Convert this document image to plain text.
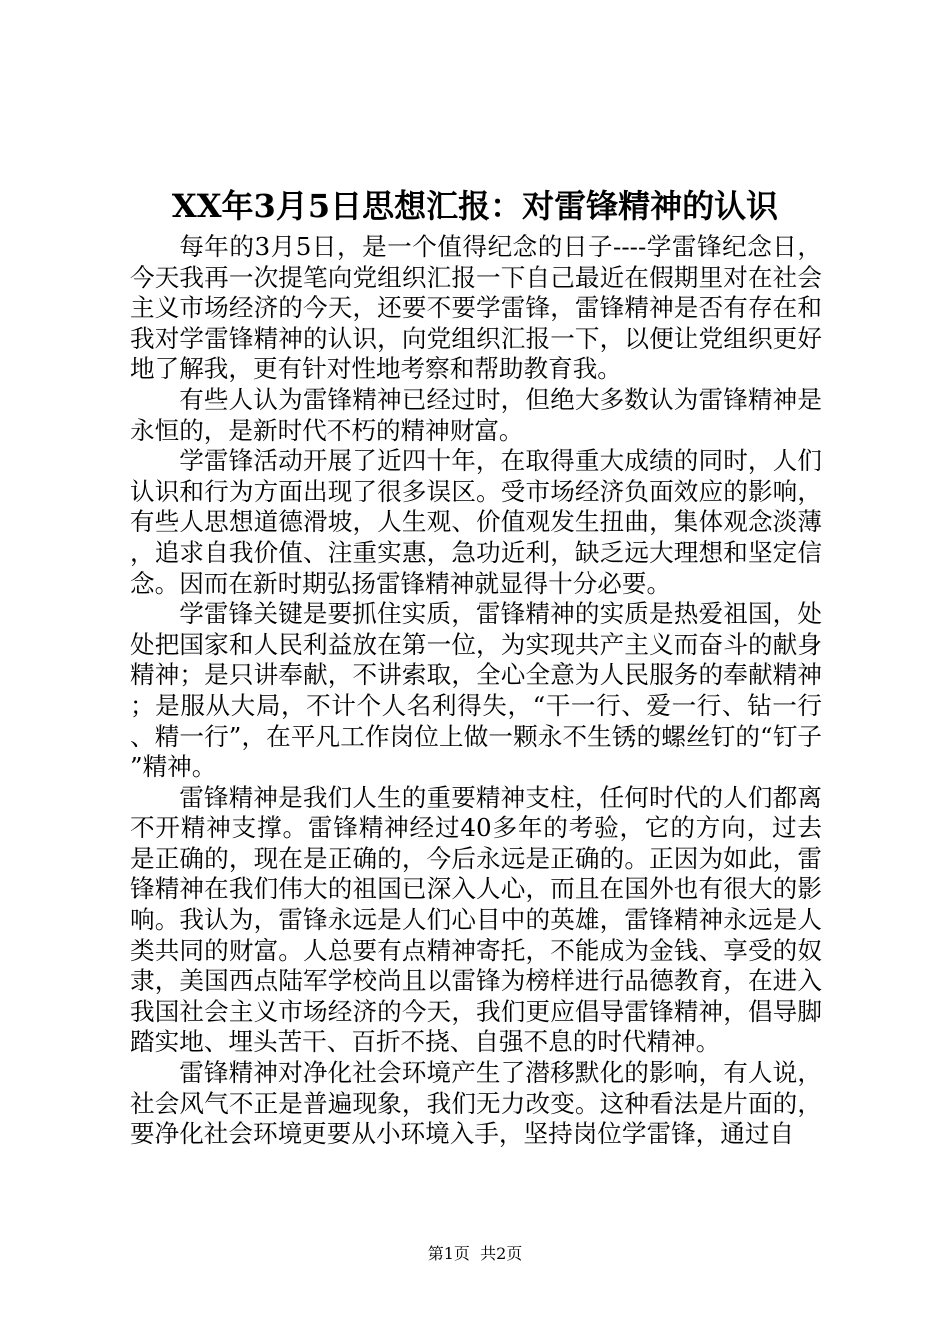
XX年3月5日思想汇报：对雷锋精神的认识

每年的3月5日，是一个值得纪念的日子----学雷锋纪念日，今天我再一次提笔向党组织汇报一下自己最近在假期里对在社会主义市场经济的今天，还要不要学雷锋，雷锋精神是否有存在和我对学雷锋精神的认识，向党组织汇报一下，以便让党组织更好地了解我，更有针对性地考察和帮助教育我。

有些人认为雷锋精神已经过时，但绝大多数认为雷锋精神是永恒的，是新时代不朽的精神财富。

学雷锋活动开展了近四十年，在取得重大成绩的同时，人们认识和行为方面出现了很多误区。受市场经济负面效应的影响，有些人思想道德滑坡，人生观、价值观发生扭曲，集体观念淡薄，追求自我价值、注重实惠，急功近利，缺乏远大理想和坚定信念。因而在新时期弘扬雷锋精神就显得十分必要。

学雷锋关键是要抓住实质，雷锋精神的实质是热爱祖国，处处把国家和人民利益放在第一位，为实现共产主义而奋斗的献身精神；是只讲奉献，不讲索取，全心全意为人民服务的奉献精神；是服从大局，不计个人名利得失，“干一行、爱一行、钻一行、精一行”，在平凡工作岗位上做一颗永不生锈的螺丝钉的“钉子”精神。

雷锋精神是我们人生的重要精神支柱，任何时代的人们都离不开精神支撑。雷锋精神经过40多年的考验，它的方向，过去是正确的，现在是正确的，今后永远是正确的。正因为如此，雷锋精神在我们伟大的祖国已深入人心，而且在国外也有很大的影响。我认为，雷锋永远是人们心目中的英雄，雷锋精神永远是人类共同的财富。人总要有点精神寄托，不能成为金钱、享受的奴隶，美国西点陆军学校尚且以雷锋为榜样进行品德教育，在进入我国社会主义市场经济的今天，我们更应倡导雷锋精神，倡导脚踏实地、埋头苦干、百折不挠、自强不息的时代精神。

雷锋精神对净化社会环境产生了潜移默化的影响，有人说，社会风气不正是普遍现象，我们无力改变。这种看法是片面的，要净化社会环境更要从小环境入手，坚持岗位学雷锋，通过自

第1页 共2页
